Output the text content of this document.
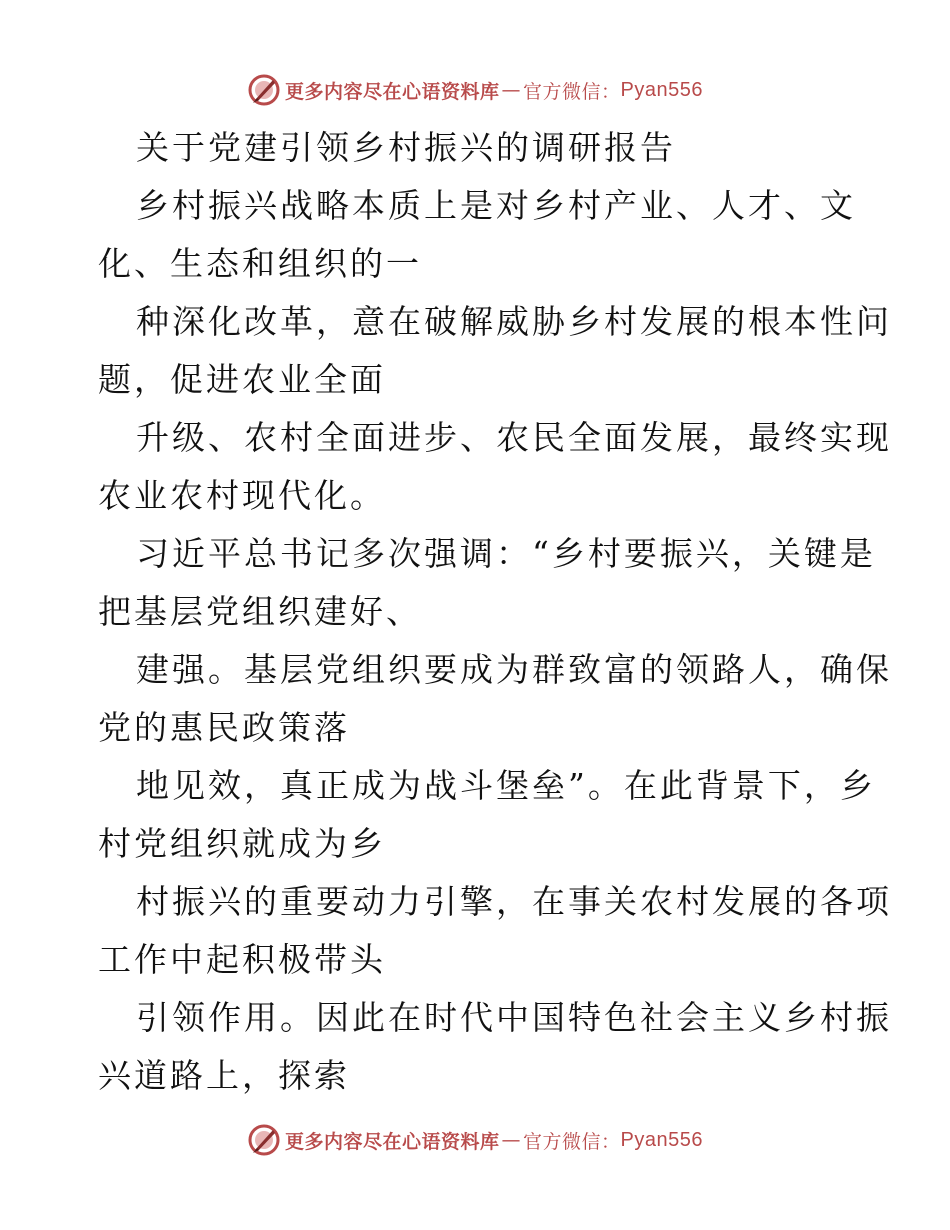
更多内容尽在心语资料库 — 官方微信： Pyan556
关于党建引领乡村振兴的调研报告
乡村振兴战略本质上是对乡村产业、人才、文
化、生态和组织的一
种深化改革，意在破解威胁乡村发展的根本性问
题，促进农业全面
升级、农村全面进步、农民全面发展，最终实现
农业农村现代化。
习近平总书记多次强调：“乡村要振兴，关键是
把基层党组织建好、
建强。基层党组织要成为群致富的领路人，确保
党的惠民政策落
地见效，真正成为战斗堡垒”。在此背景下，乡
村党组织就成为乡
村振兴的重要动力引擎，在事关农村发展的各项
工作中起积极带头
引领作用。因此在时代中国特色社会主义乡村振
兴道路上，探索
更多内容尽在心语资料库 — 官方微信： Pyan556
